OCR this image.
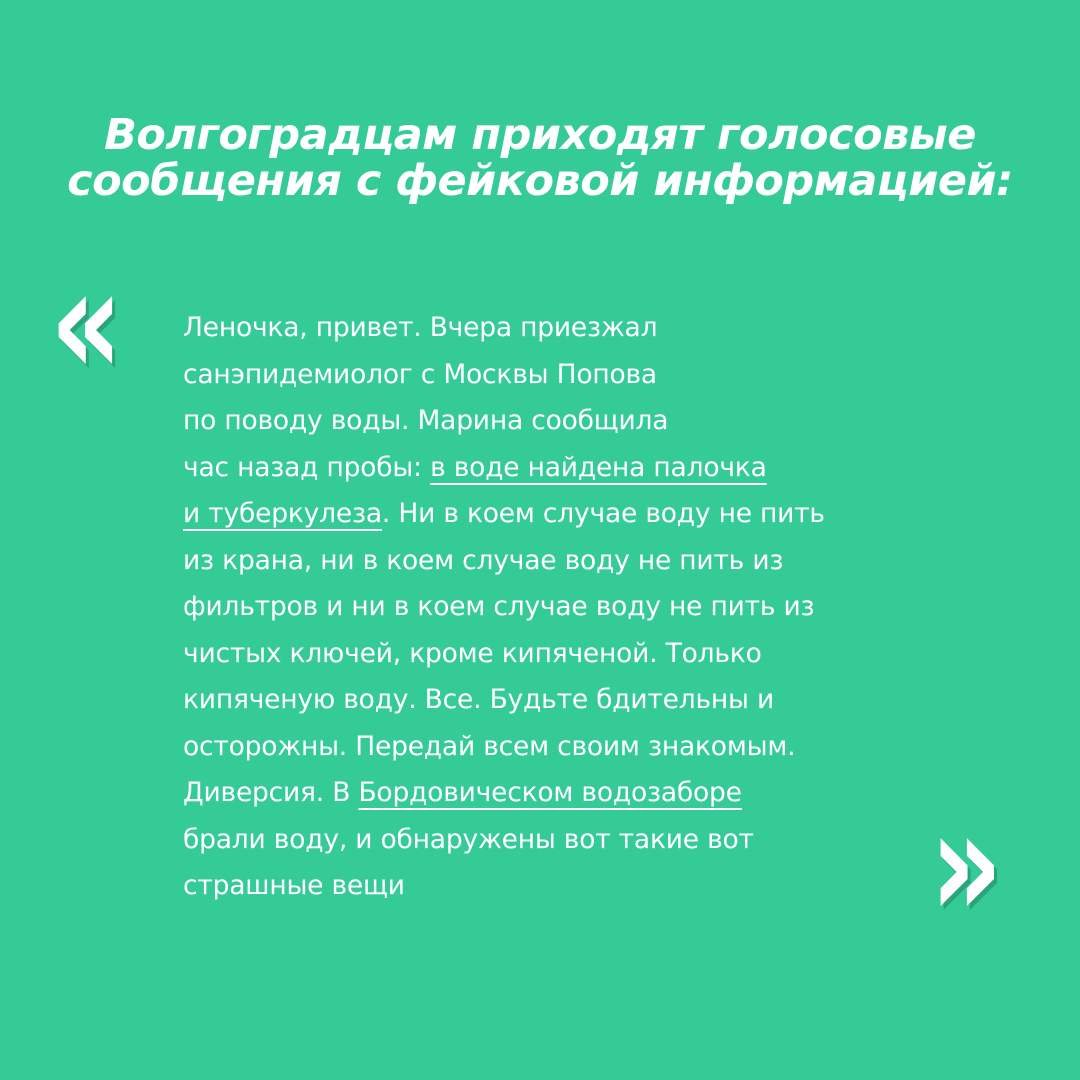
Волгоградцам приходят голосовые
сообщения с фейковой информацией:
« Леночка, привет. Вчера приезжал
санэпидемиолог с Москвы Попова
по поводу воды. Марина сообщила
час назад пробы: в воде найдена палочка
и туберкулеза. Ни в коем случае воду не пить
из крана, ни в коем случае воду не пить из
фильтров и ни в коем случае воду не пить из
чистых ключей, кроме кипяченой. Только
кипяченую воду. Все. Будьте бдительны и
осторожны. Передай всем своим знакомым.
Диверсия. В Бордовическом водозаборе
брали воду, и обнаружены вот такие вот
страшные вещи	»
